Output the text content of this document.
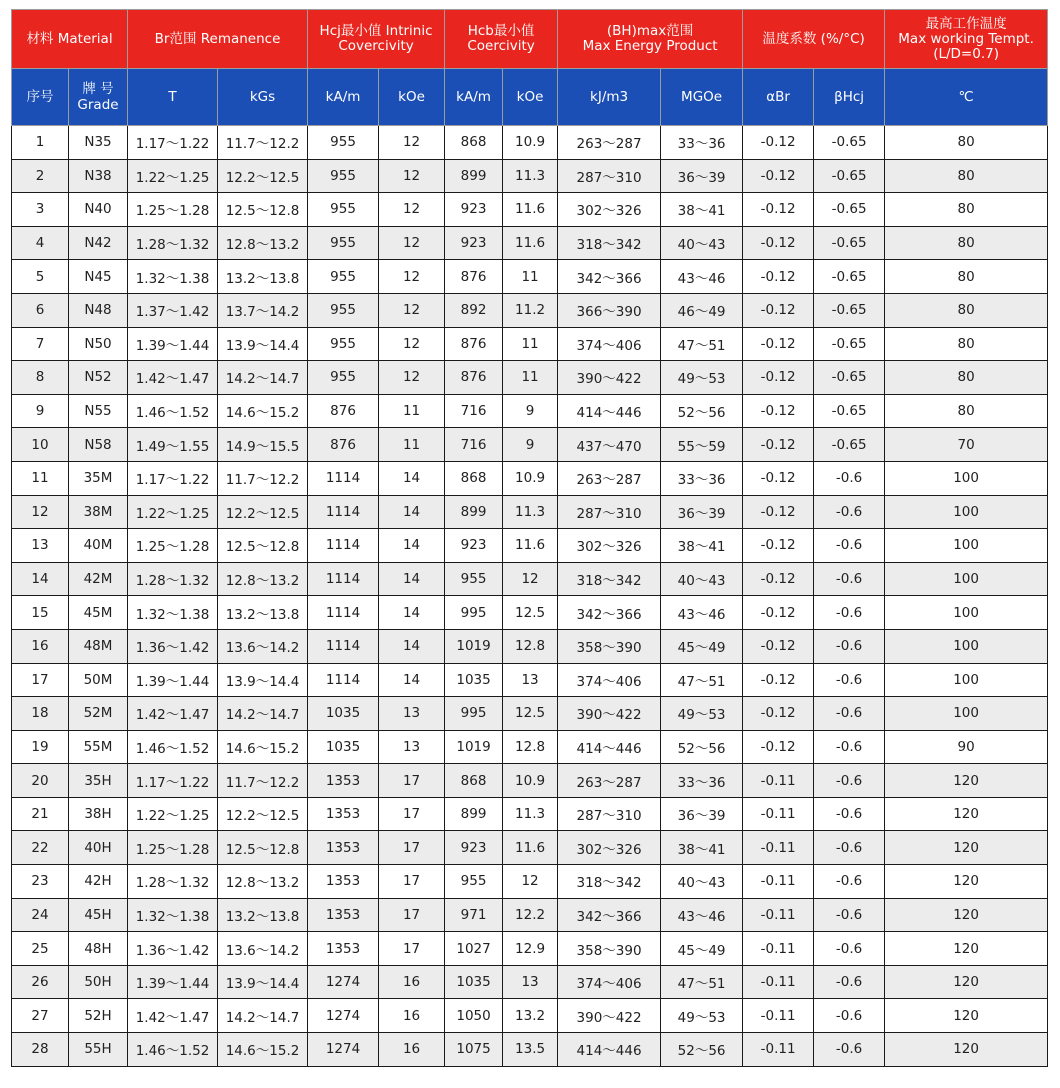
材料 Material		Br范围 Remanence		Hcj最小值 Intrinic
Covercivity		Hcb最小值
Coercivity		(BH)max范围
Max Energy Product		温度系数 (%/°C)		最高工作温度
Max working Tempt.
(L/D=0.7)

序号	牌 号
Grade	T	kGs	kA/m	kOe	kA/m	kOe	kJ/m3	MGOe	αBr	βHcj	℃
1	N35	1.17～1.22	11.7～12.2	955	12	868	10.9	263～287	33～36	-0.12	-0.65	80
2	N38	1.22～1.25	12.2～12.5	955	12	899	11.3	287～310	36～39	-0.12	-0.65	80
3	N40	1.25～1.28	12.5～12.8	955	12	923	11.6	302～326	38～41	-0.12	-0.65	80
4	N42	1.28～1.32	12.8～13.2	955	12	923	11.6	318～342	40～43	-0.12	-0.65	80
5	N45	1.32～1.38	13.2～13.8	955	12	876	11	342～366	43～46	-0.12	-0.65	80
6	N48	1.37～1.42	13.7～14.2	955	12	892	11.2	366～390	46～49	-0.12	-0.65	80
7	N50	1.39～1.44	13.9～14.4	955	12	876	11	374～406	47～51	-0.12	-0.65	80
8	N52	1.42～1.47	14.2～14.7	955	12	876	11	390～422	49～53	-0.12	-0.65	80
9	N55	1.46～1.52	14.6～15.2	876	11	716	9	414～446	52～56	-0.12	-0.65	80
10	N58	1.49～1.55	14.9～15.5	876	11	716	9	437～470	55～59	-0.12	-0.65	70
11	35M	1.17～1.22	11.7～12.2	1114	14	868	10.9	263～287	33～36	-0.12	-0.6	100
12	38M	1.22～1.25	12.2～12.5	1114	14	899	11.3	287～310	36～39	-0.12	-0.6	100
13	40M	1.25～1.28	12.5～12.8	1114	14	923	11.6	302～326	38～41	-0.12	-0.6	100
14	42M	1.28～1.32	12.8～13.2	1114	14	955	12	318～342	40～43	-0.12	-0.6	100
15	45M	1.32～1.38	13.2～13.8	1114	14	995	12.5	342～366	43～46	-0.12	-0.6	100
16	48M	1.36～1.42	13.6～14.2	1114	14	1019	12.8	358～390	45～49	-0.12	-0.6	100
17	50M	1.39～1.44	13.9～14.4	1114	14	1035	13	374～406	47～51	-0.12	-0.6	100
18	52M	1.42～1.47	14.2～14.7	1035	13	995	12.5	390～422	49～53	-0.12	-0.6	100
19	55M	1.46～1.52	14.6～15.2	1035	13	1019	12.8	414～446	52～56	-0.12	-0.6	90
20	35H	1.17～1.22	11.7～12.2	1353	17	868	10.9	263～287	33～36	-0.11	-0.6	120
21	38H	1.22～1.25	12.2～12.5	1353	17	899	11.3	287～310	36～39	-0.11	-0.6	120
22	40H	1.25～1.28	12.5～12.8	1353	17	923	11.6	302～326	38～41	-0.11	-0.6	120
23	42H	1.28～1.32	12.8～13.2	1353	17	955	12	318～342	40～43	-0.11	-0.6	120
24	45H	1.32～1.38	13.2～13.8	1353	17	971	12.2	342～366	43～46	-0.11	-0.6	120
25	48H	1.36～1.42	13.6～14.2	1353	17	1027	12.9	358～390	45～49	-0.11	-0.6	120
26	50H	1.39～1.44	13.9～14.4	1274	16	1035	13	374～406	47～51	-0.11	-0.6	120
27	52H	1.42～1.47	14.2～14.7	1274	16	1050	13.2	390～422	49～53	-0.11	-0.6	120
28	55H	1.46～1.52	14.6～15.2	1274	16	1075	13.5	414～446	52～56	-0.11	-0.6	120
